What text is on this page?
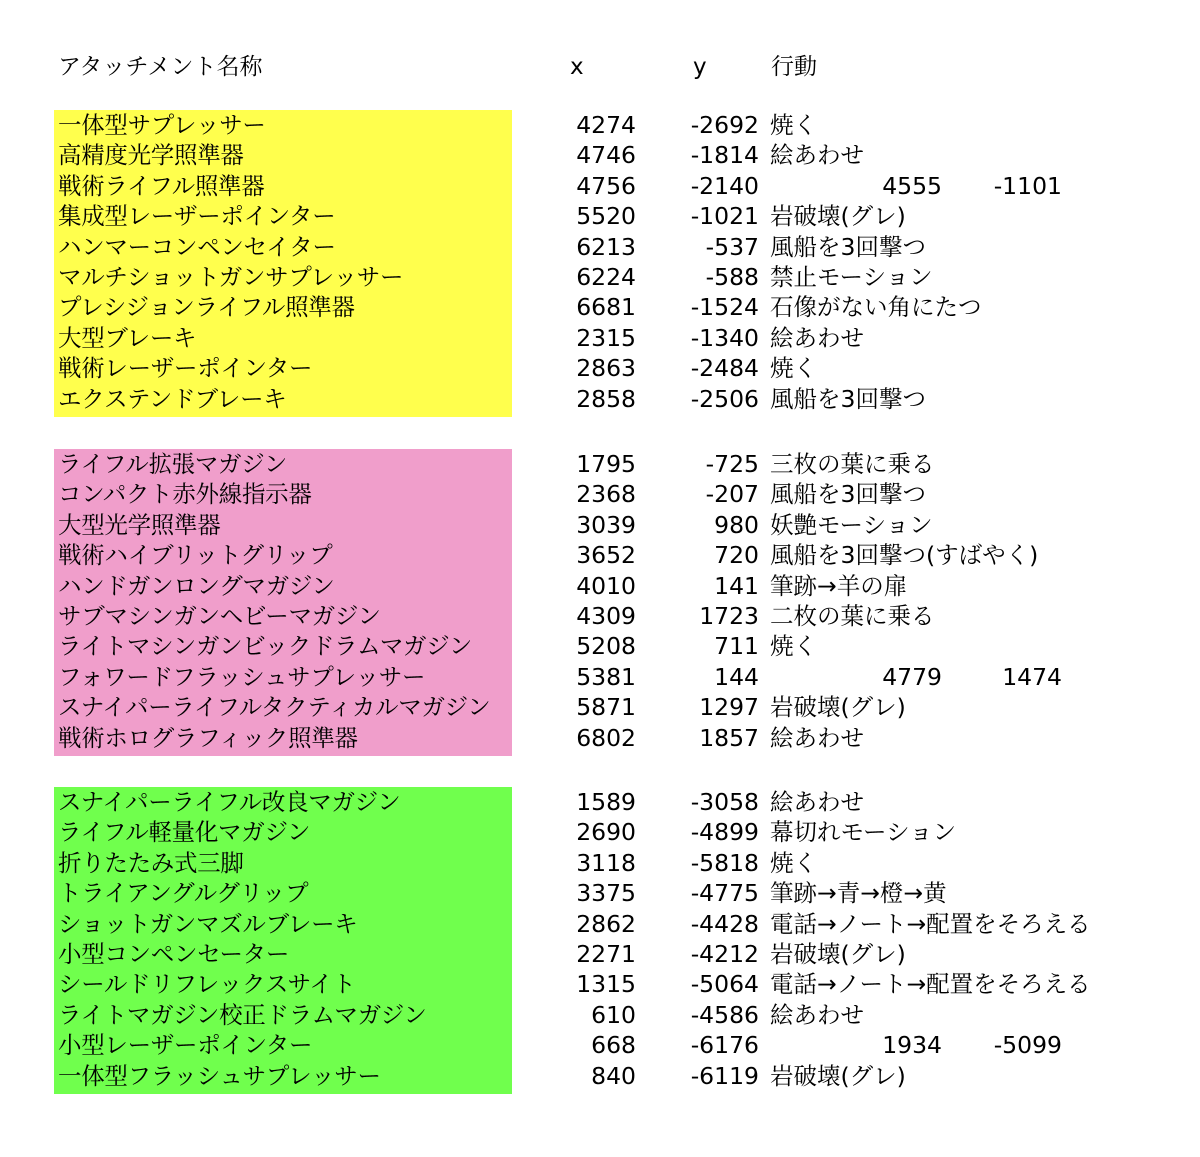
アタッチメント名称	x	y	行動
一体型サプレッサー	4274 -2692 焼く
高精度光学照準器	4746 -1814 絵あわせ
戦術ライフル照準器	4756 -2140	4555 -1101
集成型レーザーポインター	5520 -1021 岩破壊(グレ)
ハンマーコンペンセイター	6213	-537 風船を3回撃つ
マルチショットガンサプレッサー	6224	-588 禁止モーション
プレシジョンライフル照準器	6681 -1524 石像がない角にたつ
大型ブレーキ	2315 -1340 絵あわせ
戦術レーザーポインター	2863 -2484 焼く
エクステンドブレーキ	2858 -2506 風船を3回撃つ
ライフル拡張マガジン	1795	-725 三枚の葉に乗る
コンパクト赤外線指示器	2368	-207 風船を3回撃つ
大型光学照準器	3039	980 妖艶モーション
戦術ハイブリットグリップ	3652	720 風船を3回撃つ(すばやく)
ハンドガンロングマガジン	4010	141 筆跡→羊の扉
サブマシンガンヘビーマガジン	4309	1723 二枚の葉に乗る
ライトマシンガンビックドラムマガジン	5208	711 焼く
フォワードフラッシュサプレッサー	5381	144	4779	1474
スナイパーライフルタクティカルマガジン	5871	1297 岩破壊(グレ)
戦術ホログラフィック照準器	6802	1857 絵あわせ
スナイパーライフル改良マガジン	1589 -3058 絵あわせ
ライフル軽量化マガジン	2690 -4899 幕切れモーション
折りたたみ式三脚	3118 -5818 焼く
トライアングルグリップ	3375 -4775 筆跡→青→橙→黄
ショットガンマズルブレーキ	2862 -4428 電話→ノート→配置をそろえる
小型コンペンセーター	2271 -4212 岩破壊(グレ)
シールドリフレックスサイト	1315 -5064 電話→ノート→配置をそろえる
ライトマガジン校正ドラムマガジン	610 -4586 絵あわせ
小型レーザーポインター	668 -6176	1934 -5099
一体型フラッシュサプレッサー	840 -6119 岩破壊(グレ)
